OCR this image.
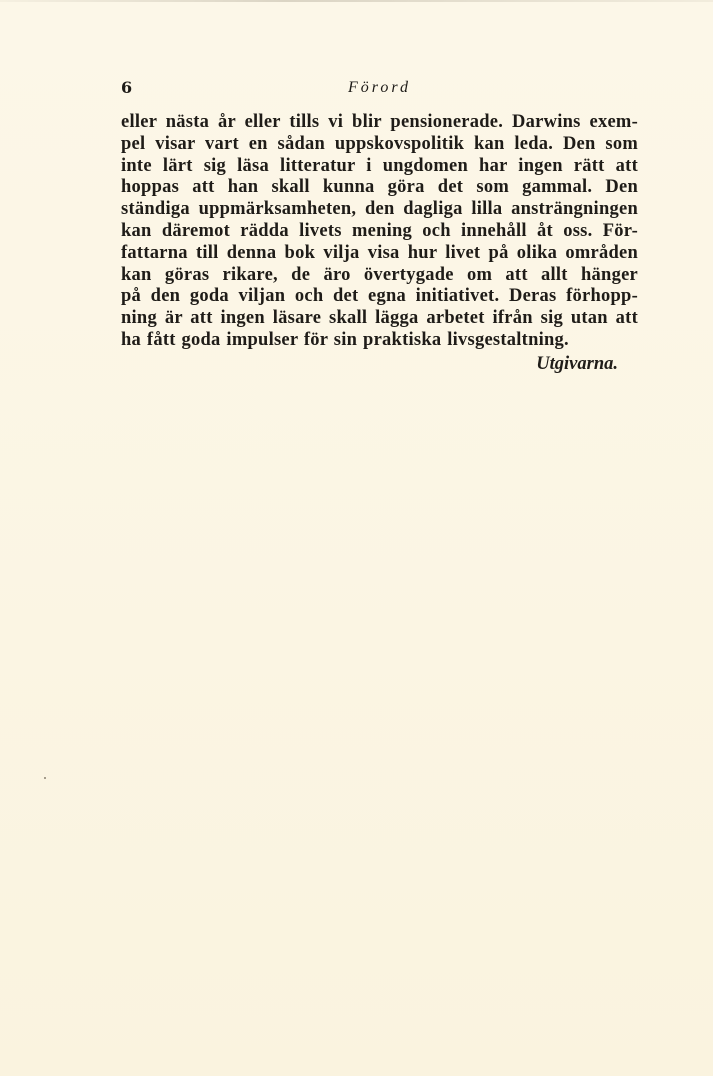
6	Förord
eller nästa år eller tills vi blir pensionerade. Darwins exem-
pel visar vart en sådan uppskovspolitik kan leda. Den som
inte lärt sig läsa litteratur i ungdomen har ingen rätt att
hoppas att han skall kunna göra det som gammal. Den
ständiga uppmärksamheten, den dagliga lilla ansträngningen
kan däremot rädda livets mening och innehåll åt oss. För-
fattarna till denna bok vilja visa hur livet på olika områden
kan göras rikare, de äro övertygade om att allt hänger
på den goda viljan och det egna initiativet. Deras förhopp-
ning är att ingen läsare skall lägga arbetet ifrån sig utan att
ha fått goda impulser för sin praktiska livsgestaltning.
Utgivarna.
